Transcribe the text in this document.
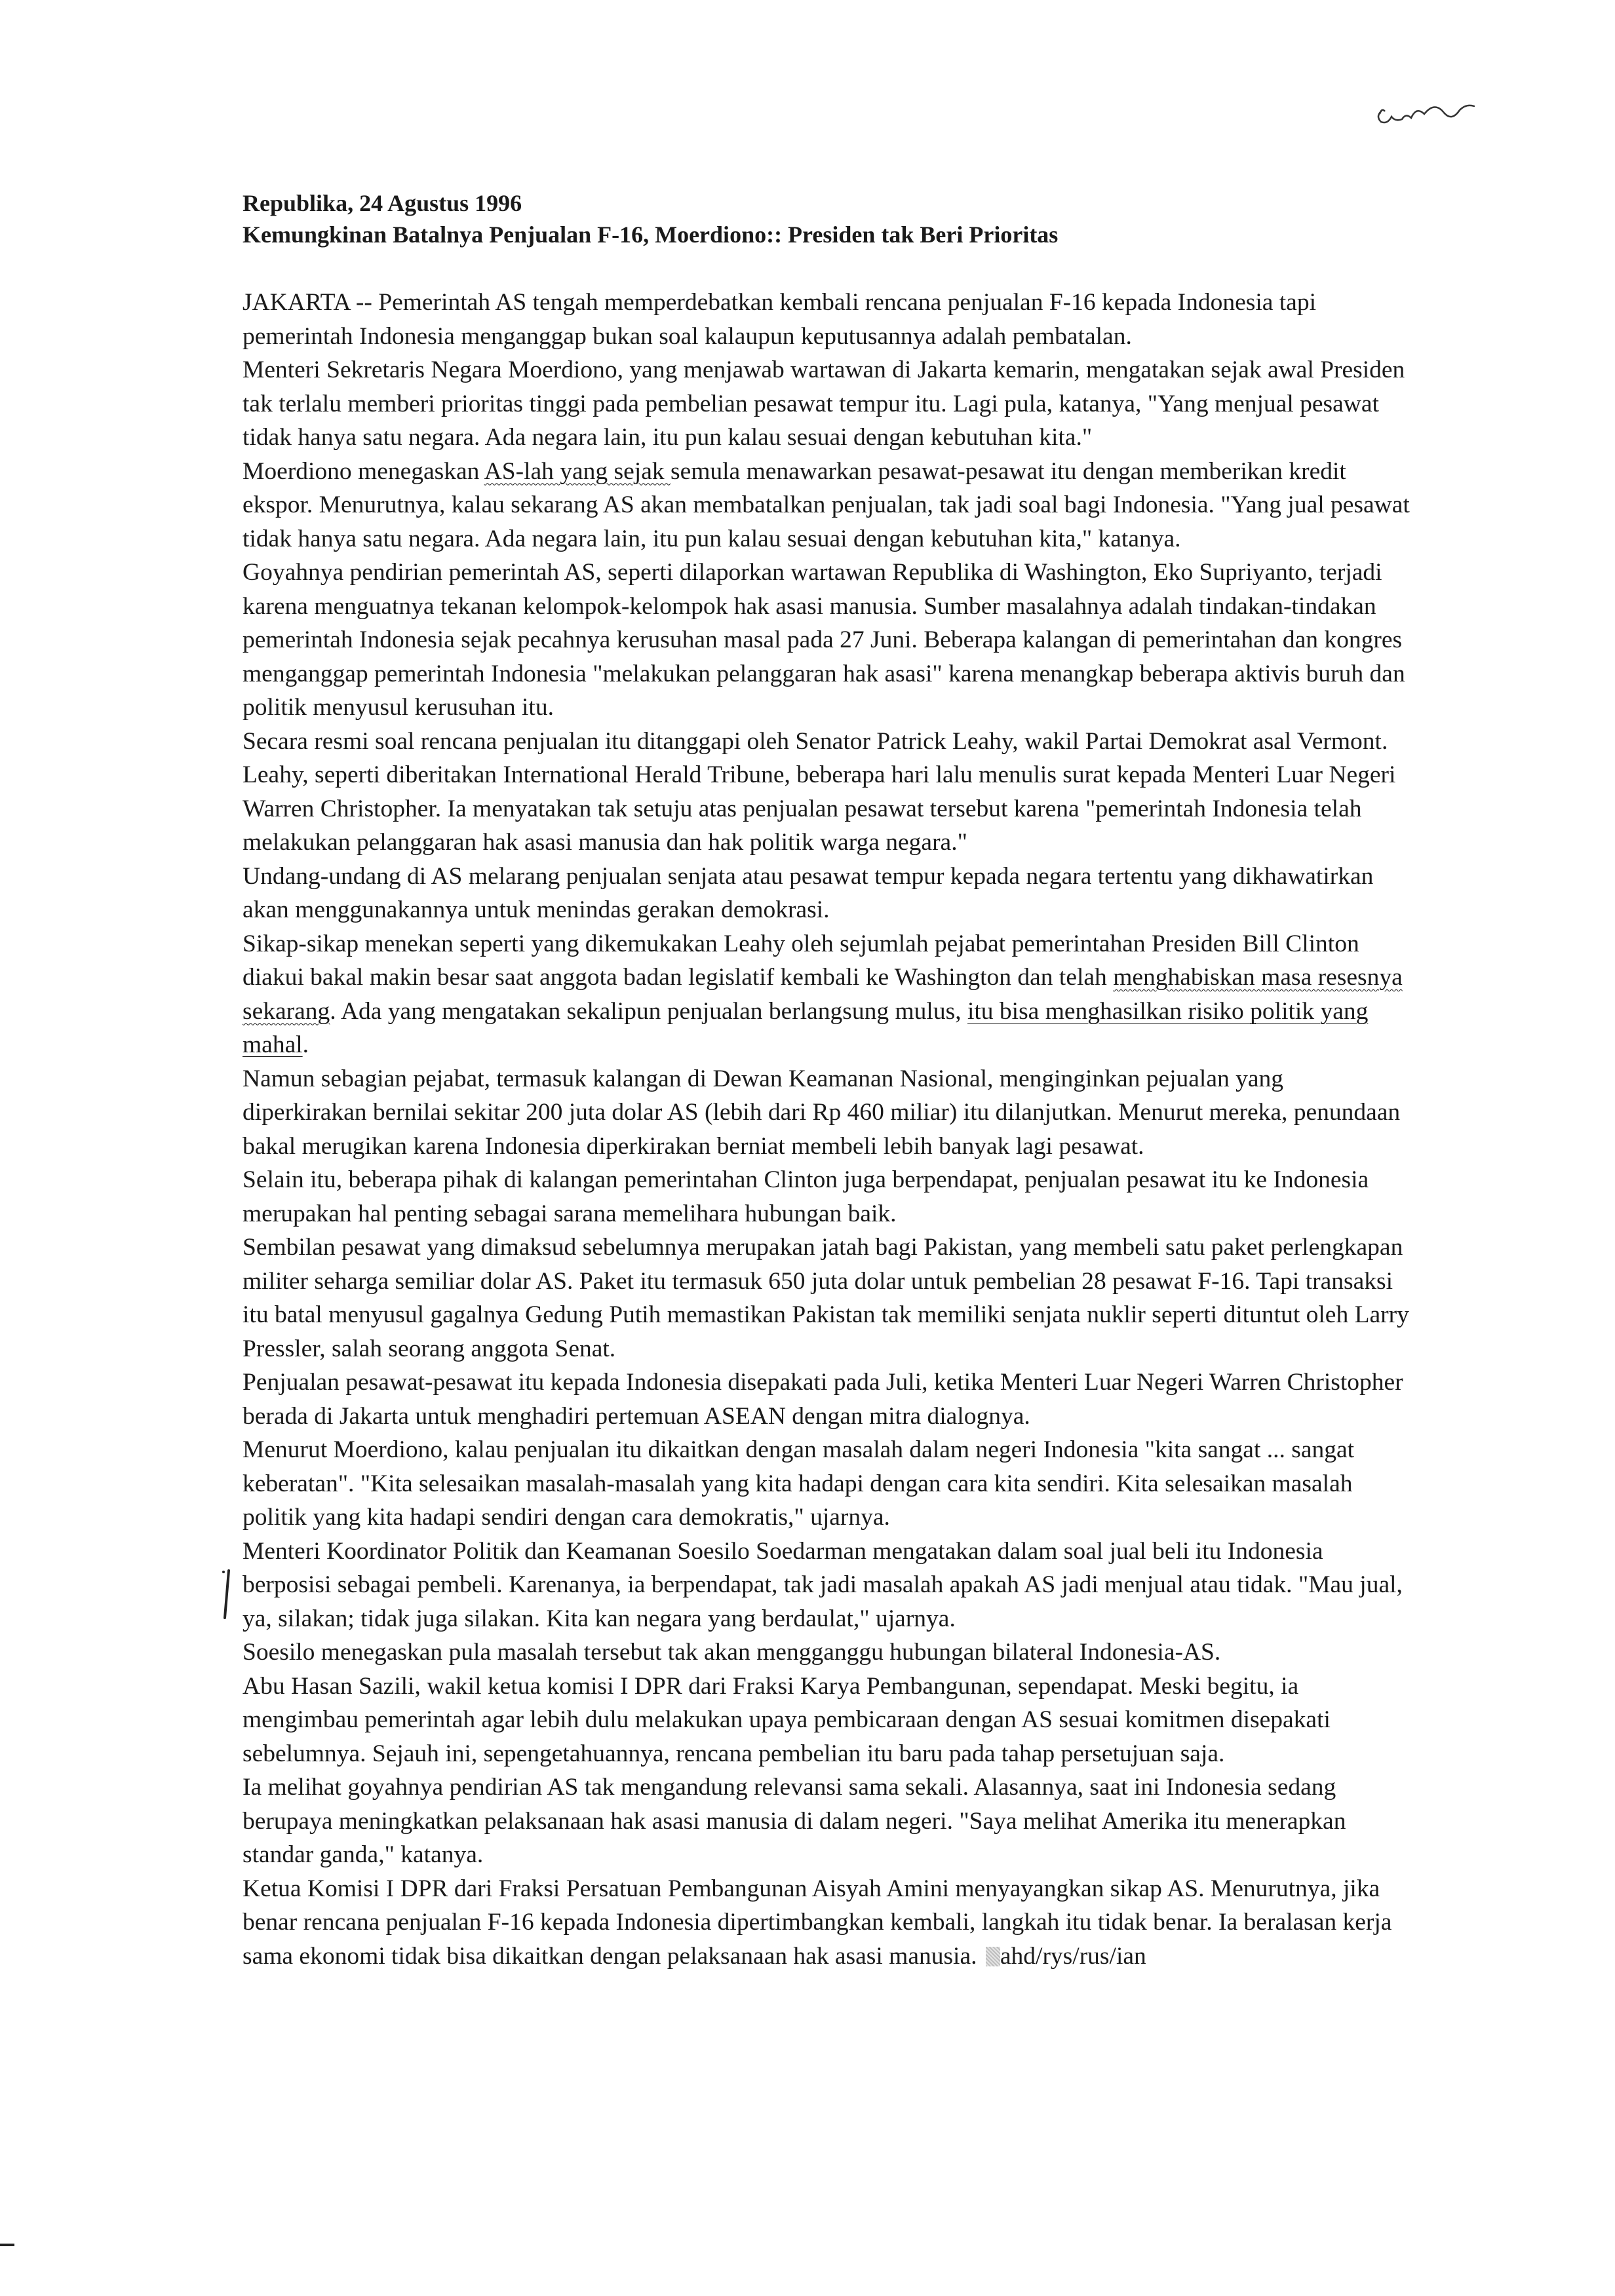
Republika, 24 Agustus 1996
Kemungkinan Batalnya Penjualan F-16, Moerdiono:: Presiden tak Beri Prioritas

JAKARTA -- Pemerintah AS tengah memperdebatkan kembali rencana penjualan F-16 kepada Indonesia tapi pemerintah Indonesia menganggap bukan soal kalaupun keputusannya adalah pembatalan.

Menteri Sekretaris Negara Moerdiono, yang menjawab wartawan di Jakarta kemarin, mengatakan sejak awal Presiden tak terlalu memberi prioritas tinggi pada pembelian pesawat tempur itu. Lagi pula, katanya, "Yang menjual pesawat tidak hanya satu negara. Ada negara lain, itu pun kalau sesuai dengan kebutuhan kita."

Moerdiono menegaskan AS-lah yang sejak semula menawarkan pesawat-pesawat itu dengan memberikan kredit ekspor. Menurutnya, kalau sekarang AS akan membatalkan penjualan, tak jadi soal bagi Indonesia. "Yang jual pesawat tidak hanya satu negara. Ada negara lain, itu pun kalau sesuai dengan kebutuhan kita," katanya.

Goyahnya pendirian pemerintah AS, seperti dilaporkan wartawan Republika di Washington, Eko Supriyanto, terjadi karena menguatnya tekanan kelompok-kelompok hak asasi manusia. Sumber masalahnya adalah tindakan-tindakan pemerintah Indonesia sejak pecahnya kerusuhan masal pada 27 Juni. Beberapa kalangan di pemerintahan dan kongres menganggap pemerintah Indonesia "melakukan pelanggaran hak asasi" karena menangkap beberapa aktivis buruh dan politik menyusul kerusuhan itu.

Secara resmi soal rencana penjualan itu ditanggapi oleh Senator Patrick Leahy, wakil Partai Demokrat asal Vermont. Leahy, seperti diberitakan International Herald Tribune, beberapa hari lalu menulis surat kepada Menteri Luar Negeri Warren Christopher. Ia menyatakan tak setuju atas penjualan pesawat tersebut karena "pemerintah Indonesia telah melakukan pelanggaran hak asasi manusia dan hak politik warga negara."

Undang-undang di AS melarang penjualan senjata atau pesawat tempur kepada negara tertentu yang dikhawatirkan akan menggunakannya untuk menindas gerakan demokrasi.

Sikap-sikap menekan seperti yang dikemukakan Leahy oleh sejumlah pejabat pemerintahan Presiden Bill Clinton diakui bakal makin besar saat anggota badan legislatif kembali ke Washington dan telah menghabiskan masa resesnya sekarang. Ada yang mengatakan sekalipun penjualan berlangsung mulus, itu bisa menghasilkan risiko politik yang mahal.

Namun sebagian pejabat, termasuk kalangan di Dewan Keamanan Nasional, menginginkan pejualan yang diperkirakan bernilai sekitar 200 juta dolar AS (lebih dari Rp 460 miliar) itu dilanjutkan. Menurut mereka, penundaan bakal merugikan karena Indonesia diperkirakan berniat membeli lebih banyak lagi pesawat.

Selain itu, beberapa pihak di kalangan pemerintahan Clinton juga berpendapat, penjualan pesawat itu ke Indonesia merupakan hal penting sebagai sarana memelihara hubungan baik.

Sembilan pesawat yang dimaksud sebelumnya merupakan jatah bagi Pakistan, yang membeli satu paket perlengkapan militer seharga semiliar dolar AS. Paket itu termasuk 650 juta dolar untuk pembelian 28 pesawat F-16. Tapi transaksi itu batal menyusul gagalnya Gedung Putih memastikan Pakistan tak memiliki senjata nuklir seperti dituntut oleh Larry Pressler, salah seorang anggota Senat.

Penjualan pesawat-pesawat itu kepada Indonesia disepakati pada Juli, ketika Menteri Luar Negeri Warren Christopher berada di Jakarta untuk menghadiri pertemuan ASEAN dengan mitra dialognya.

Menurut Moerdiono, kalau penjualan itu dikaitkan dengan masalah dalam negeri Indonesia "kita sangat ... sangat keberatan". "Kita selesaikan masalah-masalah yang kita hadapi dengan cara kita sendiri. Kita selesaikan masalah politik yang kita hadapi sendiri dengan cara demokratis," ujarnya.

Menteri Koordinator Politik dan Keamanan Soesilo Soedarman mengatakan dalam soal jual beli itu Indonesia berposisi sebagai pembeli. Karenanya, ia berpendapat, tak jadi masalah apakah AS jadi menjual atau tidak. "Mau jual, ya, silakan; tidak juga silakan. Kita kan negara yang berdaulat," ujarnya.

Soesilo menegaskan pula masalah tersebut tak akan mengganggu hubungan bilateral Indonesia-AS.

Abu Hasan Sazili, wakil ketua komisi I DPR dari Fraksi Karya Pembangunan, sependapat. Meski begitu, ia mengimbau pemerintah agar lebih dulu melakukan upaya pembicaraan dengan AS sesuai komitmen disepakati sebelumnya. Sejauh ini, sepengetahuannya, rencana pembelian itu baru pada tahap persetujuan saja.

Ia melihat goyahnya pendirian AS tak mengandung relevansi sama sekali. Alasannya, saat ini Indonesia sedang berupaya meningkatkan pelaksanaan hak asasi manusia di dalam negeri. "Saya melihat Amerika itu menerapkan standar ganda," katanya.

Ketua Komisi I DPR dari Fraksi Persatuan Pembangunan Aisyah Amini menyayangkan sikap AS. Menurutnya, jika benar rencana penjualan F-16 kepada Indonesia dipertimbangkan kembali, langkah itu tidak benar. Ia beralasan kerja sama ekonomi tidak bisa dikaitkan dengan pelaksanaan hak asasi manusia. ahd/rys/rus/ian
